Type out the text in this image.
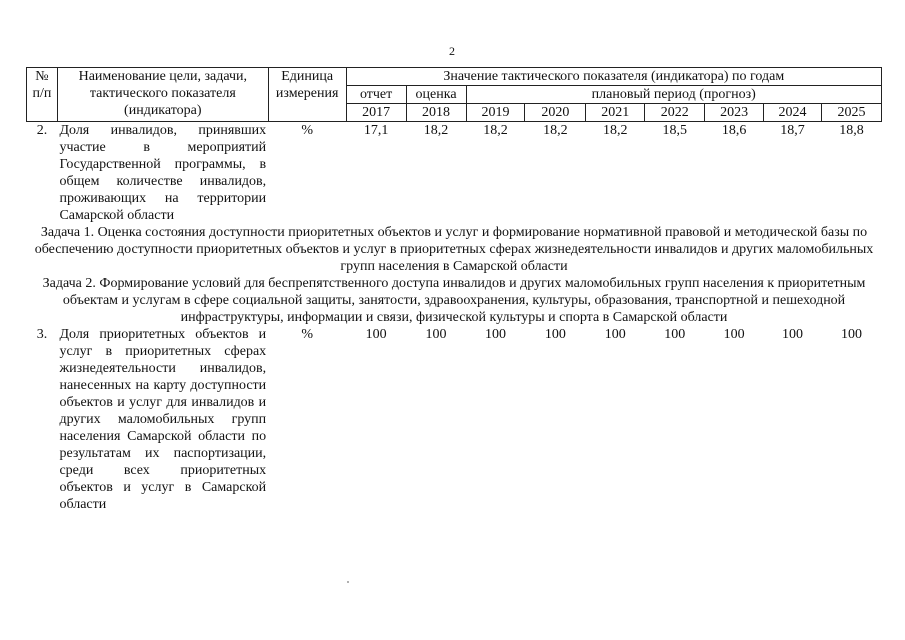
2
№ п/п	Наименование цели, задачи, тактического показателя (индикатора)	Единица измерения	Значение тактического показателя (индикатора) по годам								
			отчет	оценка	плановый период (прогноз)						
			2017	2018	2019	2020	2021	2022	2023	2024	2025
2.	Доля инвалидов, принявших участие в мероприятий Государственной программы, в общем количестве инвалидов, проживающих на территории Самарской области	%	17,1	18,2	18,2	18,2	18,2	18,5	18,6	18,7	18,8
Задача 1. Оценка состояния доступности приоритетных объектов и услуг и формирование нормативной правовой и методической базы по обеспечению доступности приоритетных объектов и услуг в приоритетных сферах жизнедеятельности инвалидов и других маломобильных групп населения в Самарской области											
Задача 2. Формирование условий для беспрепятственного доступа инвалидов и других маломобильных групп населения к приоритетным объектам и услугам в сфере социальной защиты, занятости, здравоохранения, культуры, образования, транспортной и пешеходной инфраструктуры, информации и связи, физической культуры и спорта в Самарской области											
3.	Доля приоритетных объектов и услуг в приоритетных сферах жизнедеятельности инвалидов, нанесенных на карту доступности объектов и услуг для инвалидов и других маломобильных групп населения Самарской области по результатам их паспортизации, среди всех приоритетных объектов и услуг в Самарской области	%	100	100	100	100	100	100	100	100	100
